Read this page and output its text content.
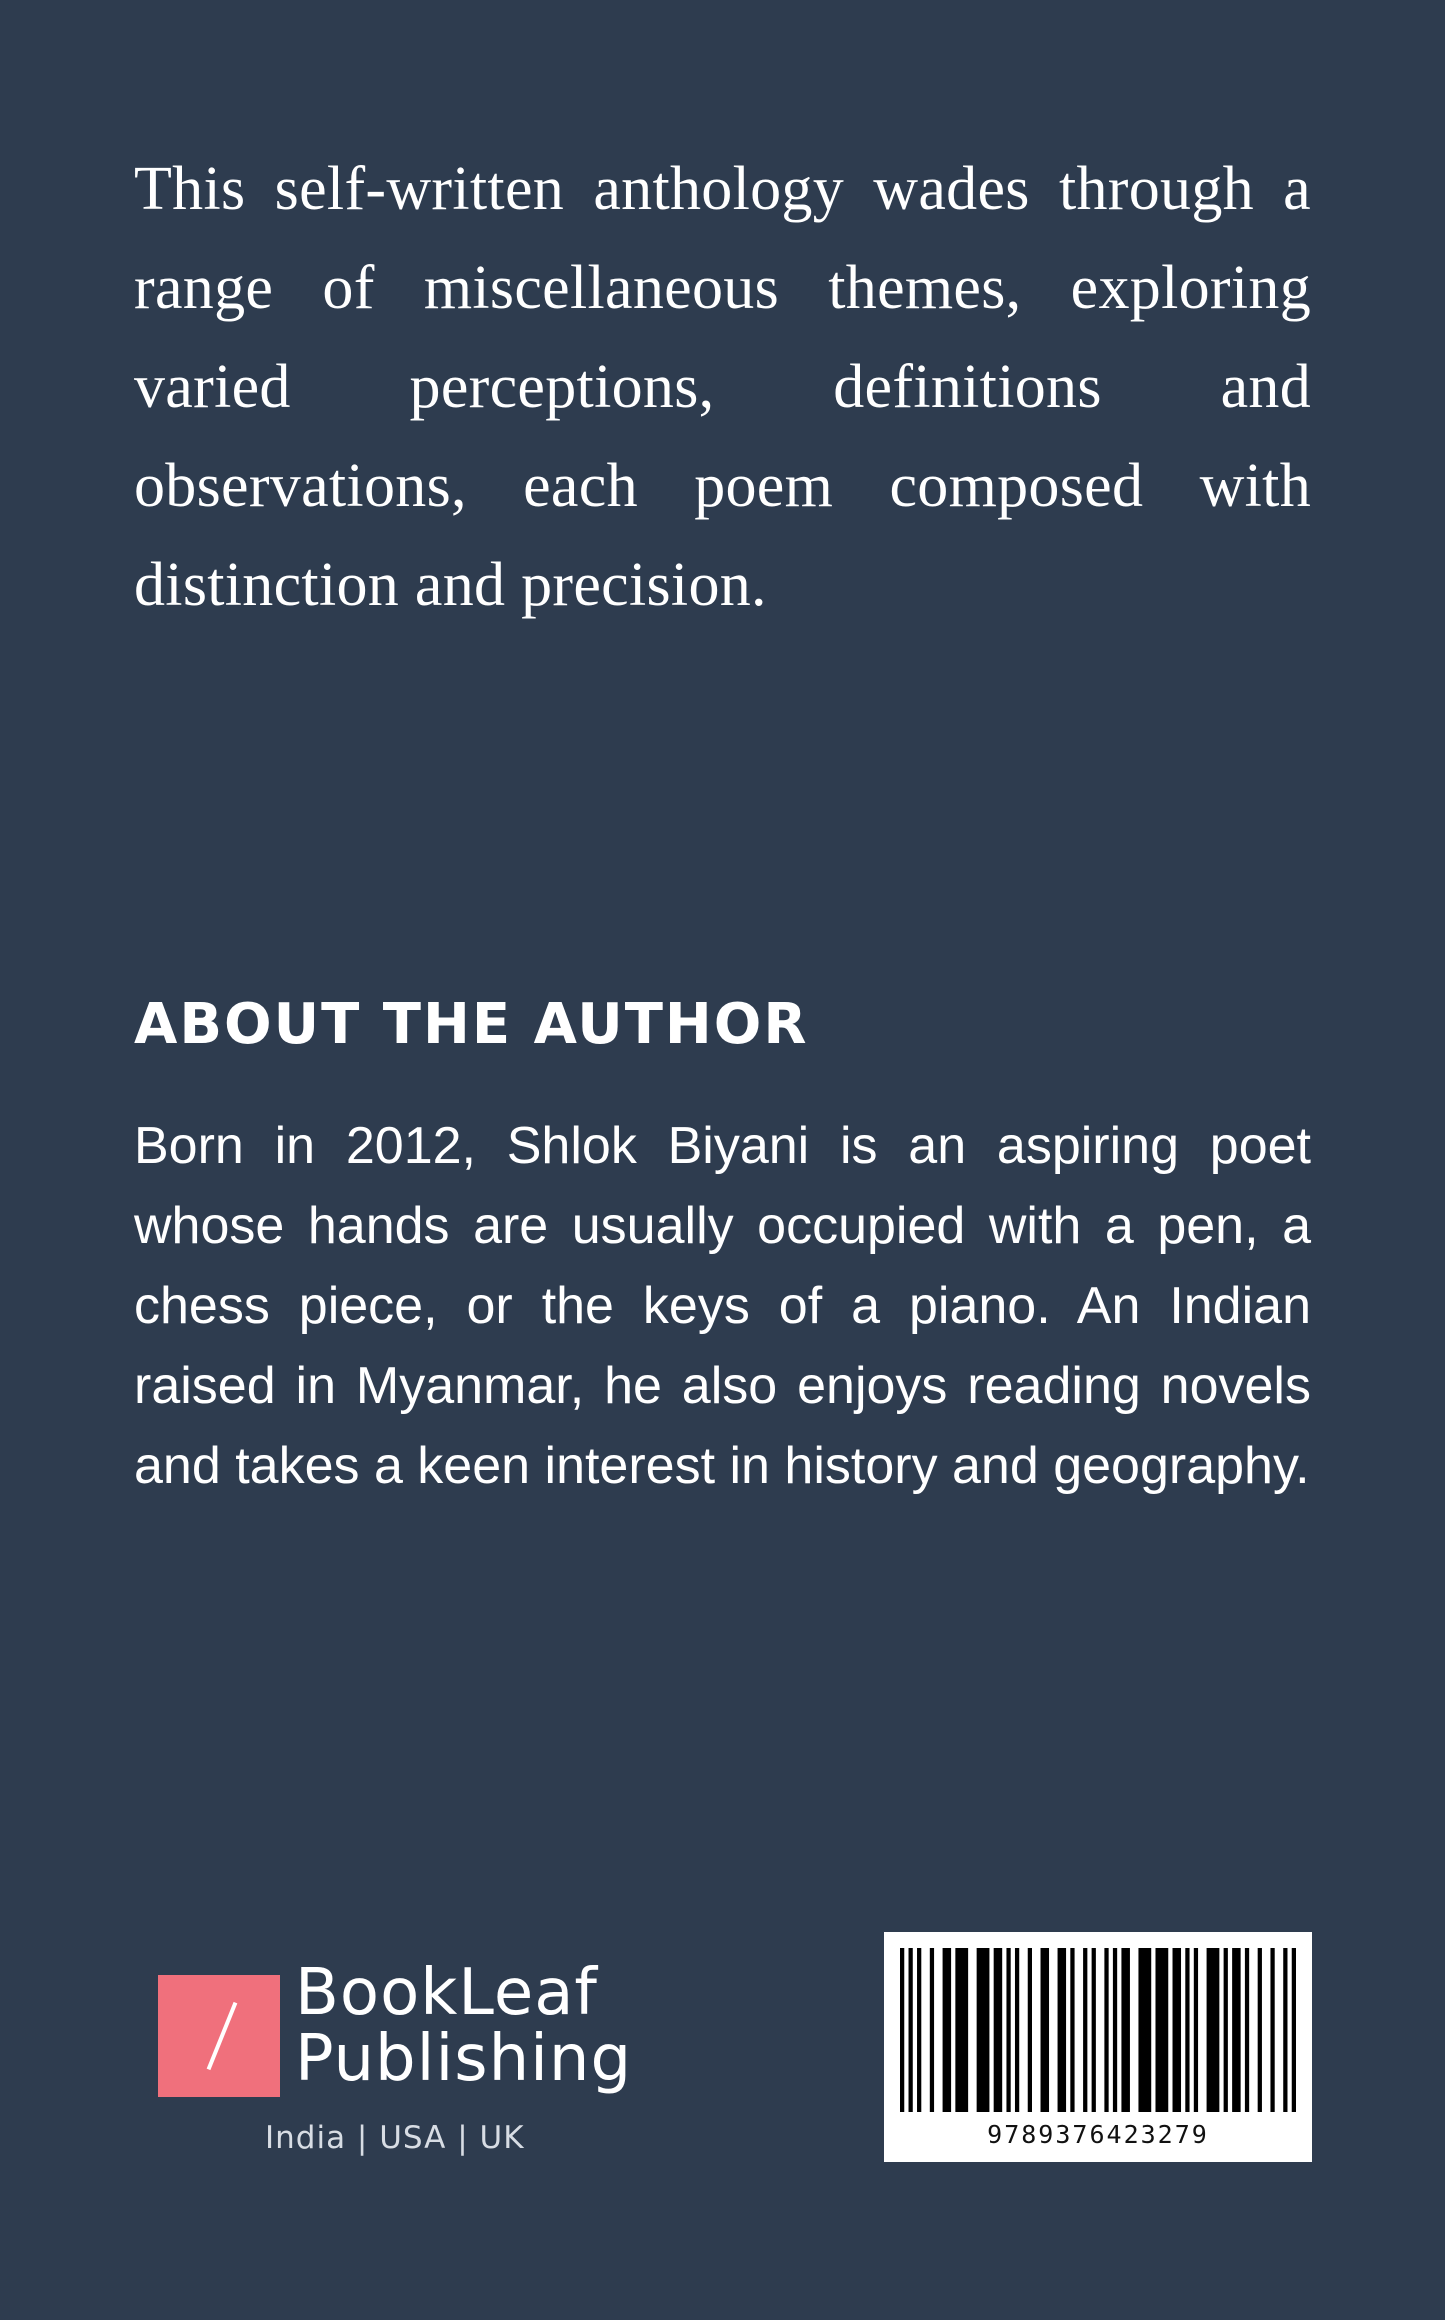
This self-written anthology wades through a range of miscellaneous themes, exploring varied perceptions, definitions and observations, each poem composed with distinction and precision.

ABOUT THE AUTHOR

Born in 2012, Shlok Biyani is an aspiring poet whose hands are usually occupied with a pen, a chess piece, or the keys of a piano. An Indian raised in Myanmar, he also enjoys reading novels and takes a keen interest in history and geography.

BookLeaf
Publishing
India | USA | UK	9789376423279
